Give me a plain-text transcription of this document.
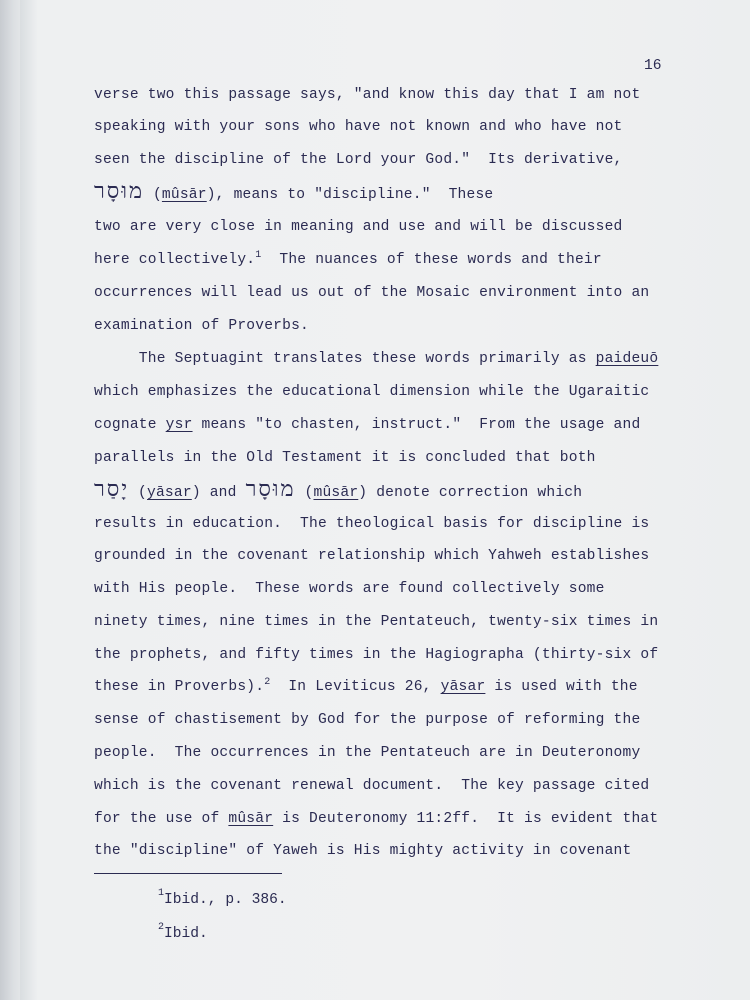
16
verse two this passage says, "and know this day that I am not
speaking with your sons who have not known and who have not
seen the discipline of the Lord your God."  Its derivative,
מוּסָר (mûsār), means to "discipline."  These
two are very close in meaning and use and will be discussed
here collectively.$^1$  The nuances of these words and their
occurrences will lead us out of the Mosaic environment into an
examination of Proverbs.
The Septuagint translates these words primarily as paideuō
which emphasizes the educational dimension while the Ugaraitic
cognate ysr means "to chasten, instruct."  From the usage and
parallels in the Old Testament it is concluded that both
יָסַר (yāsar) and מוּסָר (mûsār) denote correction which
results in education.  The theological basis for discipline is
grounded in the covenant relationship which Yahweh establishes
with His people.  These words are found collectively some
ninety times, nine times in the Pentateuch, twenty-six times in
the prophets, and fifty times in the Hagiographa (thirty-six of
these in Proverbs).$^2$  In Leviticus 26, yāsar is used with the
sense of chastisement by God for the purpose of reforming the
people.  The occurrences in the Pentateuch are in Deuteronomy
which is the covenant renewal document.  The key passage cited
for the use of mûsār is Deuteronomy 11:2ff.  It is evident that
the "discipline" of Yaweh is His mighty activity in covenant
$^1$Ibid., p. 386.
$^2$Ibid.
